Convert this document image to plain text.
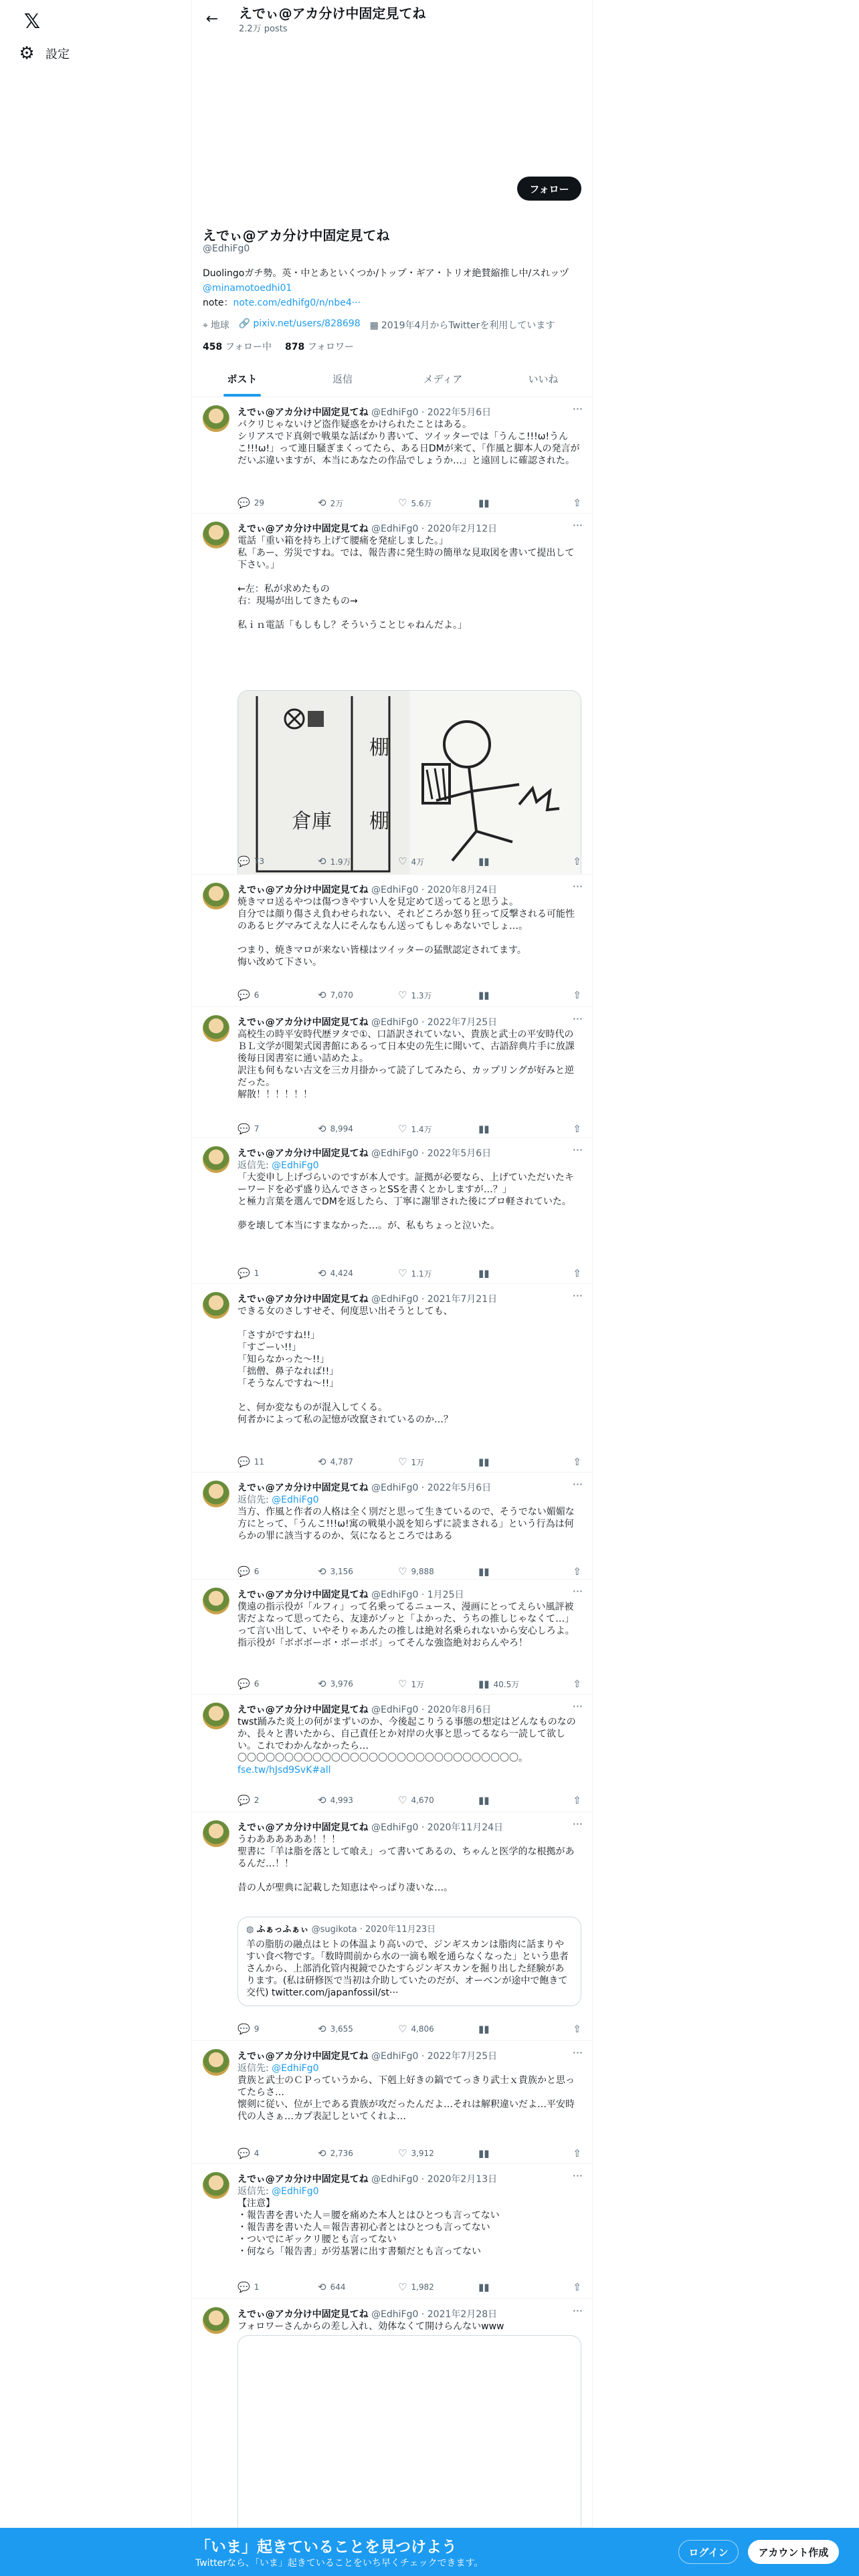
𝕏
⚙ 設定
←	えでぃ@アカ分け中固定見てね
2.2万 posts
フォロー
えでぃ@アカ分け中固定見てね
@EdhiFg0
Duolingoガチ勢。英・中とあといくつか/トップ・ギア・トリオ絶賛縮推し中/スれッヅ@minamotoedhi01
note：note.com/edhifg0/n/nbe4···
⌖ 地球 🔗 pixiv.net/users/828698 ▦ 2019年4月からTwitterを利用しています
458 フォロー中 878 フォロワー
ポスト	返信	メディア	いいね
えでぃ@アカ分け中固定見てね @EdhiFg0 · 2022年5月6日	···
パクリじゃないけど盗作疑惑をかけられたことはある。
シリアスでド真剣で戦巣な話ばかり書いて、ツイッターでは「うんこ!!!ω!うんこ!!!ω!」って連日騒ぎまくってたら、ある日DMが来て、「作風と脚本人の発言がだいぶ違いますが、本当にあなたの作品でしょうか…」と遠回しに確認された。
💬 29	⟲ 2万	♡ 5.6万	▮▮	⇧
えでぃ@アカ分け中固定見てね @EdhiFg0 · 2020年2月12日	···
電話「重い箱を持ち上げて腰痛を発症しました。」
私「あー、労災ですね。では、報告書に発生時の簡単な見取図を書いて提出して下さい。」

←左：私が求めたもの
右：現場が出してきたもの→

私ｉｎ電話「もしもし？そういうことじゃねんだよ。」
棚
倉庫 棚
💬 73	⟲ 1.9万	♡ 4万	▮▮	⇧
えでぃ@アカ分け中固定見てね @EdhiFg0 · 2020年8月24日	···
焼きマロ送るやつは傷つきやすい人を見定めて送ってると思うよ。
自分では顔り傷さえ負わせられない、それどころか怒り狂って反撃される可能性のあるヒグマみてえな人にそんなもん送ってもしゃあないでしょ…。

つまり、焼きマロが来ない皆様はツイッターの猛獣認定されてます。
悔い改めて下さい。
💬 6	⟲ 7,070	♡ 1.3万	▮▮	⇧
えでぃ@アカ分け中固定見てね @EdhiFg0 · 2022年7月25日	···
高校生の時平安時代歴ヲタで①、口語訳されていない、貴族と武士の平安時代のＢＬ文学が閲架式図書館にあるって日本史の先生に聞いて、古語辞典片手に放課後毎日図書室に通い詰めたよ。
訳注も何もない古文を三カ月掛かって読了してみたら、カップリングが好みと逆だった。
解散！！！！！！
💬 7	⟲ 8,994	♡ 1.4万	▮▮	⇧
えでぃ@アカ分け中固定見てね @EdhiFg0 · 2022年5月6日	···
返信先: @EdhiFg0
「大変申し上げづらいのですが本人です。証拠が必要なら、上げていただいたキーワードを必ず盛り込んでささっとSSを書くとかしますが…？」
と極力言葉を選んでDMを返したら、丁寧に謝罪された後にプロ軽されていた。

夢を壊して本当にすまなかった…。が、私もちょっと泣いた。
💬 1	⟲ 4,424	♡ 1.1万	▮▮	⇧
えでぃ@アカ分け中固定見てね @EdhiFg0 · 2021年7月21日	···
できる女のさしすせそ、何度思い出そうとしても、

「さすがですね!!」
「すごーい!!」
「知らなかった～!!」
「拙僧、鼻子なれば!!」
「そうなんですね～!!」

と、何か変なものが混入してくる。
何者かによって私の記憶が改竄されているのか…？
💬 11	⟲ 4,787	♡ 1万	▮▮	⇧
えでぃ@アカ分け中固定見てね @EdhiFg0 · 2022年5月6日	···
返信先: @EdhiFg0
当方、作風と作者の人格は全く別だと思って生きているので、そうでない媚媚な方にとって、「うんこ!!!ω!寓の戦巣小説を知らずに読まされる」という行為は何らかの罪に該当するのか、気になるところではある
💬 6	⟲ 3,156	♡ 9,888	▮▮	⇧
えでぃ@アカ分け中固定見てね @EdhiFg0 · 1月25日	···
僕遠の指示役が「ルフィ」って名乗ってるニュース、漫画にとってえらい風評被害だよなって思ってたら、友達がゾッと「よかった、うちの推しじゃなくて…」って言い出して、いやそりゃあんたの推しは絶対名乗られないから安心しろよ。指示役が「ボボボーボ・ボーボボ」ってそんな強盗絶対おらんやろ！
💬 6	⟲ 3,976	♡ 1万	▮▮ 40.5万	⇧
えでぃ@アカ分け中固定見てね @EdhiFg0 · 2020年8月6日	···
twst踊みた炎上の何がまずいのか、今後起こりうる事態の想定はどんなものなのか、長々と書いたから、自己責任とか対岸の火事と思ってるなら一読して欲しい。これでわかんなかったら…
〇〇〇〇〇〇〇〇〇〇〇〇〇〇〇〇〇〇〇〇〇〇〇〇〇〇〇〇〇〇。 fse.tw/hJsd9SvK#all
💬 2	⟲ 4,993	♡ 4,670	▮▮	⇧
えでぃ@アカ分け中固定見てね @EdhiFg0 · 2020年11月24日	···
うわああああああ！！！
聖書に「羊は脂を落として喰え」って書いてあるの、ちゃんと医学的な根拠があるんだ…！！

昔の人が聖典に記載した知恵はやっぱり凄いな…。
◍ ふぁっふぁぃ @sugikota · 2020年11月23日
羊の脂肪の融点はヒトの体温より高いので、ジンギスカンは脂肉に話まりやすい食べ物です。「数時間前から水の一滴も喉を通らなくなった」という患者さんから、上部消化管内視鏡でひたすらジンギスカンを掘り出した経験があります。(私は研修医で当初は介助していたのだが、オーベンが途中で飽きて交代) twitter.com/japanfossil/st···
💬 9	⟲ 3,655	♡ 4,806	▮▮	⇧
えでぃ@アカ分け中固定見てね @EdhiFg0 · 2022年7月25日	···
返信先: @EdhiFg0
貴族と武士のＣＰっていうから、下剋上好きの鎬でてっきり武士ｘ貴族かと思ってたらさ…
懐剣に従い、位が上である貴族が攻だったんだよ…それは解釈違いだよ…平安時代の人さぁ…カプ表記しといてくれよ…
💬 4	⟲ 2,736	♡ 3,912	▮▮	⇧
えでぃ@アカ分け中固定見てね @EdhiFg0 · 2020年2月13日	···
返信先: @EdhiFg0
【注意】
・報告書を書いた人＝腰を痛めた本人とはひとつも言ってない
・報告書を書いた人＝報告書初心者とはひとつも言ってない
・ついでにギックリ腰とも言ってない
・何なら「報告書」が労基署に出す書類だとも言ってない
💬 1	⟲ 644	♡ 1,982	▮▮	⇧
えでぃ@アカ分け中固定見てね @EdhiFg0 · 2021年2月28日	···
フォロワーさんからの差し入れ、効体なくて開けらんないwww
「いま」起きていることを見つけよう
Twitterなら、「いま」起きていることをいち早くチェックできます。
ログイン	アカウント作成
